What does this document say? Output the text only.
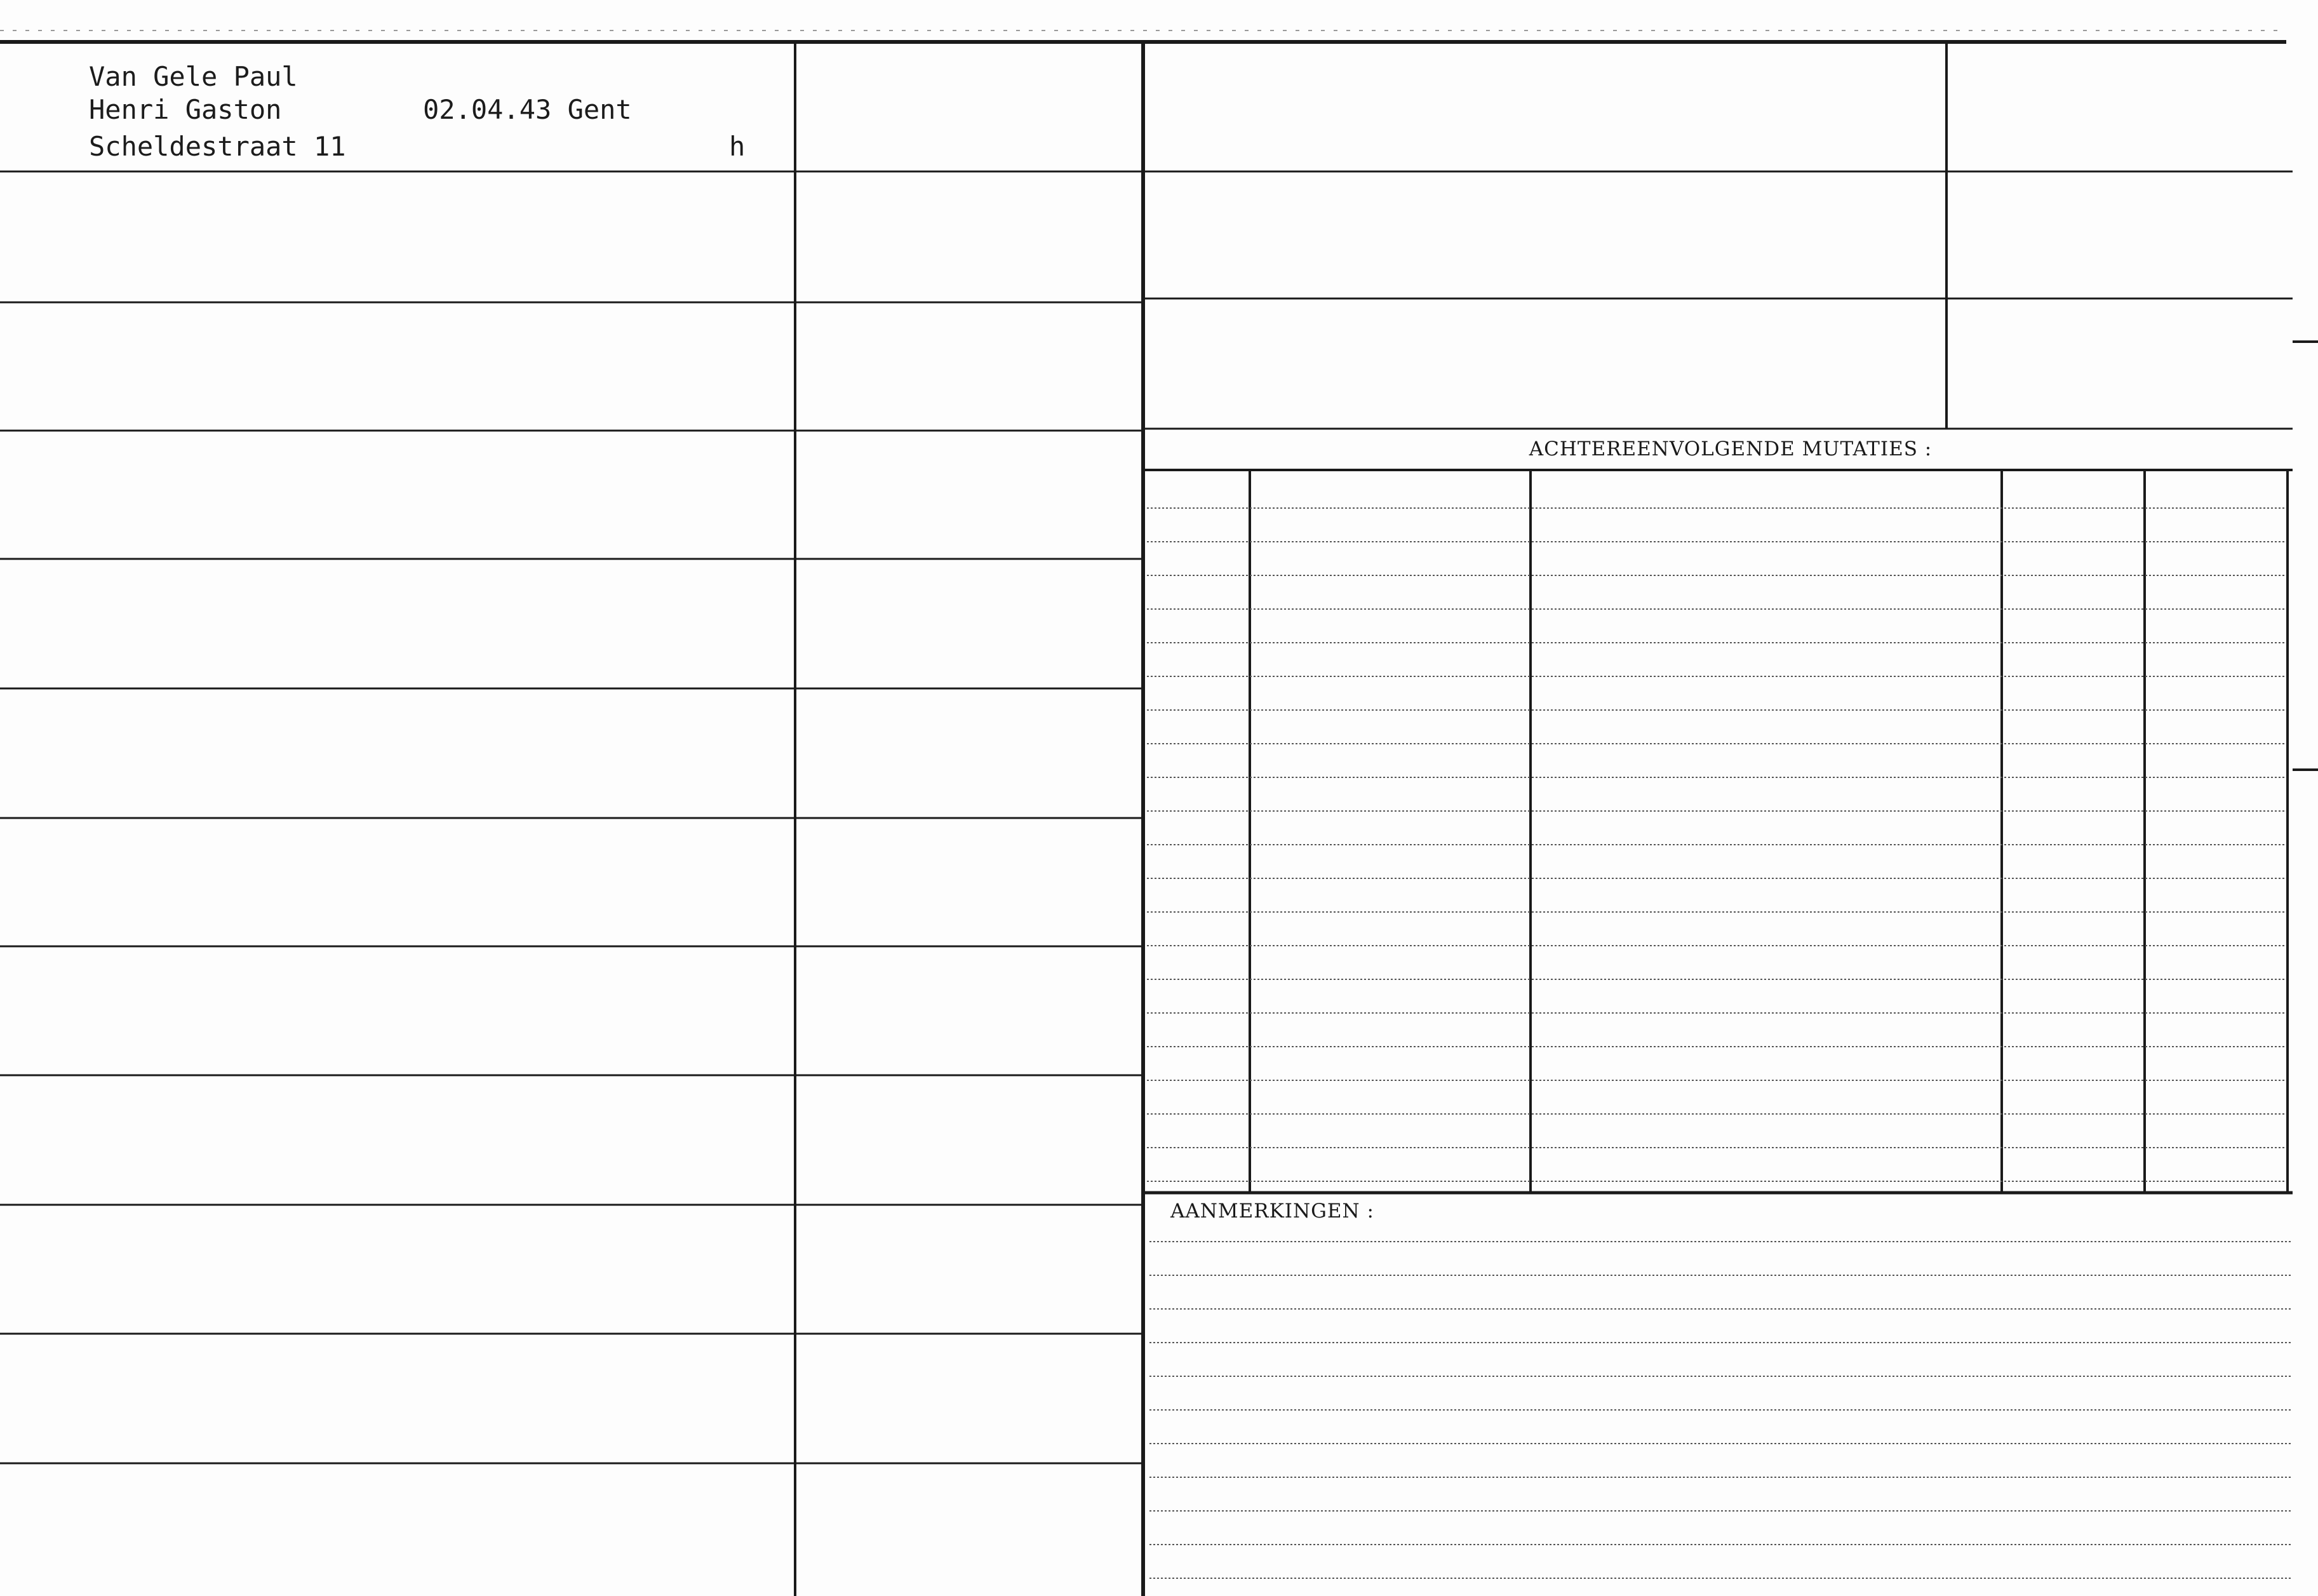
Van Gele Paul
Henri Gaston	02.04.43 Gent
Scheldestraat 11	h
ACHTEREENVOLGENDE MUTATIES :
AANMERKINGEN :
